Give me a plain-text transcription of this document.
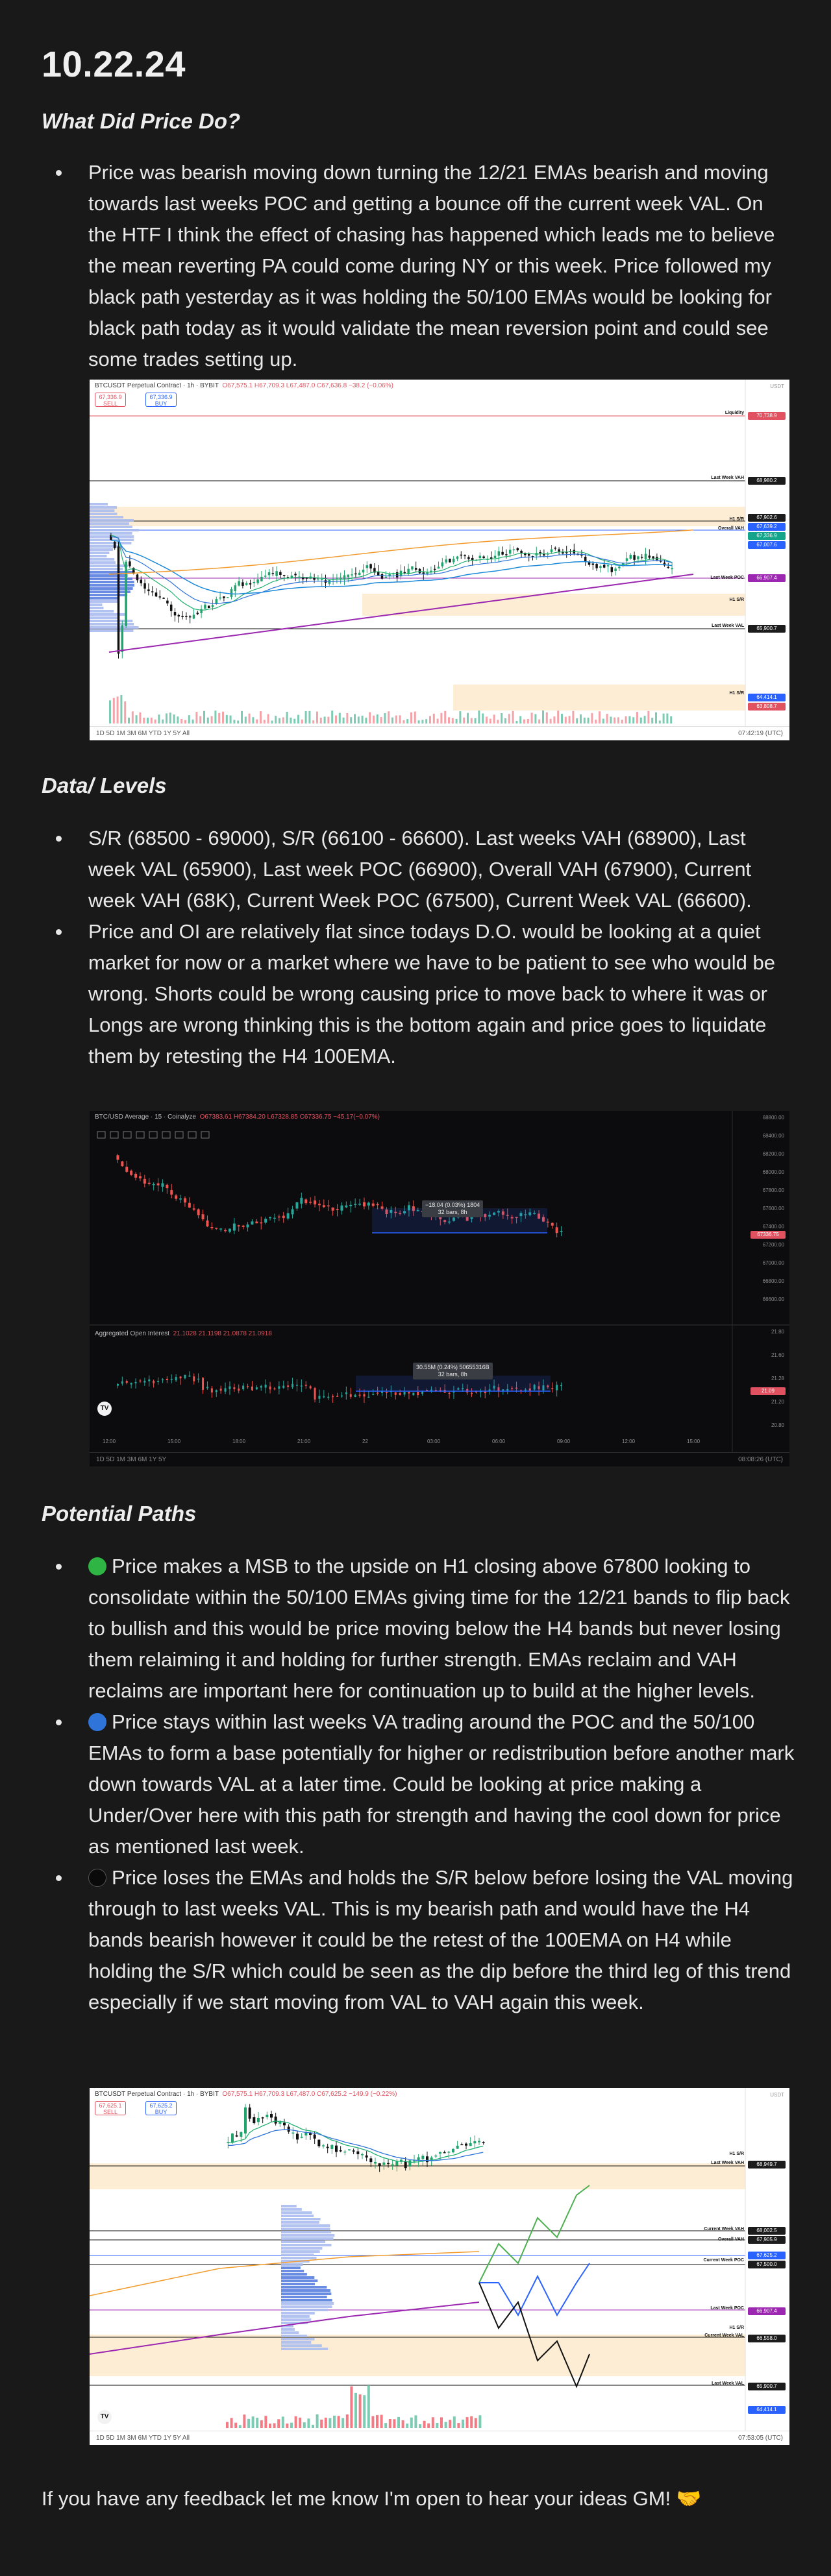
10.22.24
What Did Price Do?
Price was bearish moving down turning the 12/21 EMAs bearish and moving towards last weeks POC and getting a bounce off the current week VAL. On the HTF I think the effect of chasing has happened which leads me to believe the mean reverting PA could come during NY or this week. Price followed my black path yesterday as it was holding the 50/100 EMAs would be looking for black path today as it would validate the mean reversion point and could see some trades setting up.
BTCUSDT Perpetual Contract · 1h · BYBIT O67,575.1 H67,709.3 L67,487.0 C67,636.8 −38.2 (−0.06%)
67,336.9
SELL
67,336.9
BUY
USDT
Liquidity
Last Week VAH
H1 S/R
Overall VAH
Last Week POC
H1 S/R
Last Week VAL
H1 S/R
70,738.9
68,980.2
67,902.6
67,639.2
67,336.9
67,007.6
66,907.4
65,900.7
64,414.1
63,808.7
1D 5D 1M 3M 6M YTD 1Y 5Y All	07:42:19 (UTC)
Data/ Levels
S/R (68500 - 69000), S/R (66100 - 66600). Last weeks VAH (68900), Last week VAL (65900), Last week POC (66900), Overall VAH (67900), Current week VAH (68K), Current Week POC (67500), Current Week VAL (66600).
Price and OI are relatively flat since todays D.O. would be looking at a quiet market for now or a market where we have to be patient to see who would be wrong. Shorts could be wrong causing price to move back to where it was or Longs are wrong thinking this is the bottom again and price goes to liquidate them by retesting the H4 100EMA.
BTC/USD Average · 15 · Coinalyze O67383.61 H67384.20 L67328.85 C67336.75 −45.17(−0.07%)
Aggregated Open Interest 21.1028 21.1198 21.0878 21.0918
−18.04 (0.03%) 1804
32 bars, 8h
30.55M (0.24%) 50655316B
32 bars, 8h
67336.75
21.09
TV
68800.00
68400.00
68200.00
68000.00
67800.00
67600.00
67400.00
67200.00
67000.00
66800.00
66600.00
21.80
21.60
21.28
21.20
20.80
12:00	15:00	18:00	21:00	22	03:00	06:00	09:00	12:00	15:00
1D 5D 1M 3M 6M 1Y 5Y	08:08:26 (UTC)
Potential Paths
Price makes a MSB to the upside on H1 closing above 67800 looking to consolidate within the 50/100 EMAs giving time for the 12/21 bands to flip back to bullish and this would be price moving below the H4 bands but never losing them relaiming it and holding for further strength. EMAs reclaim and VAH reclaims are important here for continuation up to build at the higher levels.
Price stays within last weeks VA trading around the POC and the 50/100 EMAs to form a base potentially for higher or redistribution before another mark down towards VAL at a later time. Could be looking at price making a Under/Over here with this path for strength and having the cool down for price as mentioned last week.
Price loses the EMAs and holds the S/R below before losing the VAL moving through to last weeks VAL. This is my bearish path and would have the H4 bands bearish however it could be the retest of the 100EMA on H4 while holding the S/R which could be seen as the dip before the third leg of this trend especially if we start moving from VAL to VAH again this week.
BTCUSDT Perpetual Contract · 1h · BYBIT O67,575.1 H67,709.3 L67,487.0 C67,625.2 −149.9 (−0.22%)
67,625.1
SELL
67,625.2
BUY
USDT
H1 S/R
Last Week VAH
Current Week VAH
Overall VAH
Current Week POC
Last Week POC
Current Week VAL
H1 S/R
Last Week VAL
68,949.7
68,002.5
67,905.9
67,625.2
67,500.0
66,907.4
66,558.0
65,900.7
64,414.1
TV
1D 5D 1M 3M 6M YTD 1Y 5Y All	07:53:05 (UTC)
If you have any feedback let me know I'm open to hear your ideas GM! 🤝
